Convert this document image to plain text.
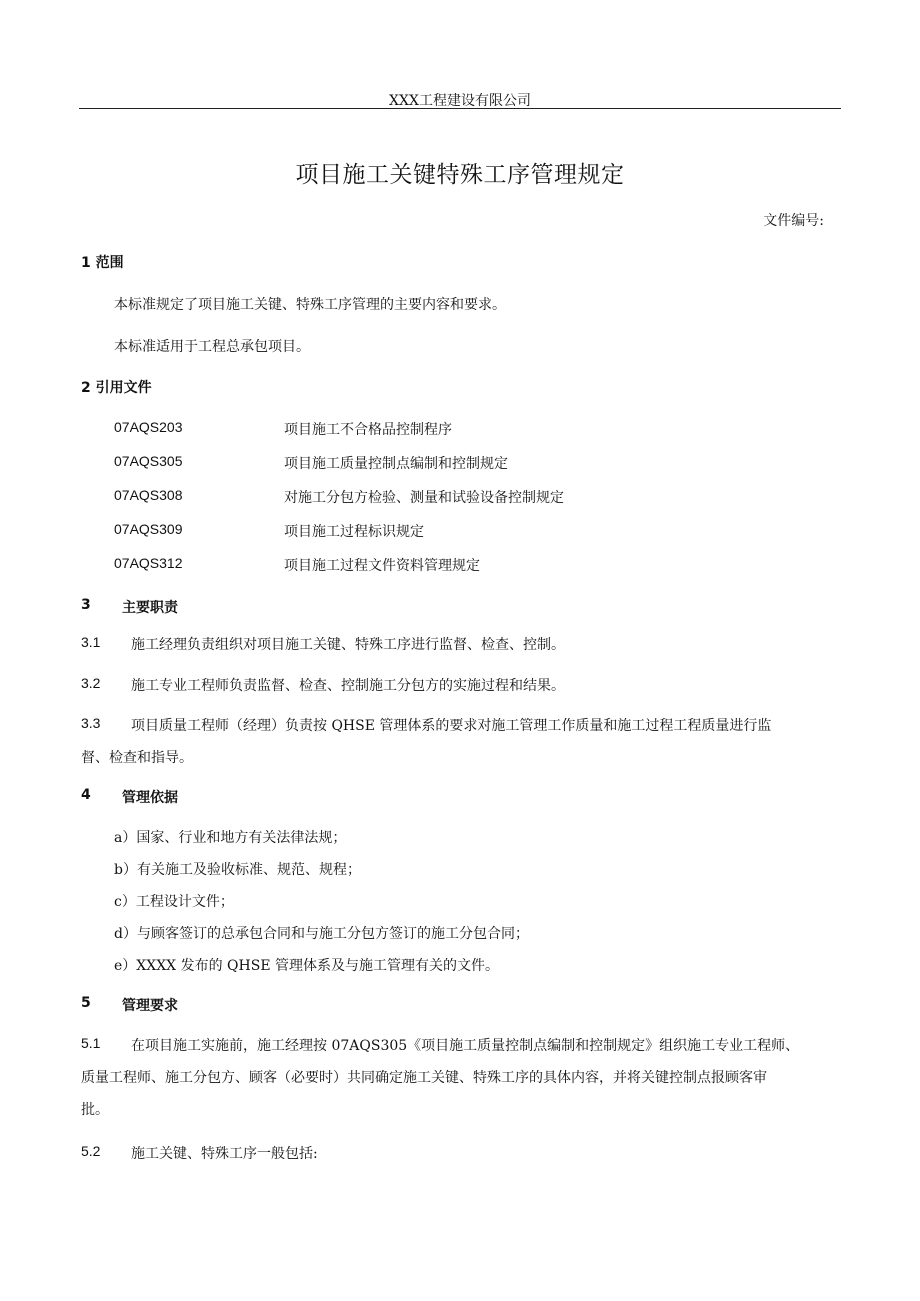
XXX工程建设有限公司
项目施工关键特殊工序管理规定
文件编号:
1 范围
本标准规定了项目施工关键、特殊工序管理的主要内容和要求。
本标准适用于工程总承包项目。
2 引用文件
07AQS203	项目施工不合格品控制程序
07AQS305	项目施工质量控制点编制和控制规定
07AQS308	对施工分包方检验、测量和试验设备控制规定
07AQS309	项目施工过程标识规定
07AQS312	项目施工过程文件资料管理规定
3 主要职责
3.1 施工经理负责组织对项目施工关键、特殊工序进行监督、检查、控制。
3.2 施工专业工程师负责监督、检查、控制施工分包方的实施过程和结果。
3.3 项目质量工程师（经理）负责按 QHSE 管理体系的要求对施工管理工作质量和施工过程工程质量进行监
督、检查和指导。
4 管理依据
a）国家、行业和地方有关法律法规；
b）有关施工及验收标准、规范、规程；
c）工程设计文件；
d）与顾客签订的总承包合同和与施工分包方签订的施工分包合同；
e）XXXX 发布的 QHSE 管理体系及与施工管理有关的文件。
5 管理要求
5.1 在项目施工实施前，施工经理按 07AQS305《项目施工质量控制点编制和控制规定》组织施工专业工程师、
质量工程师、施工分包方、顾客（必要时）共同确定施工关键、特殊工序的具体内容，并将关键控制点报顾客审
批。
5.2 施工关键、特殊工序一般包括:
